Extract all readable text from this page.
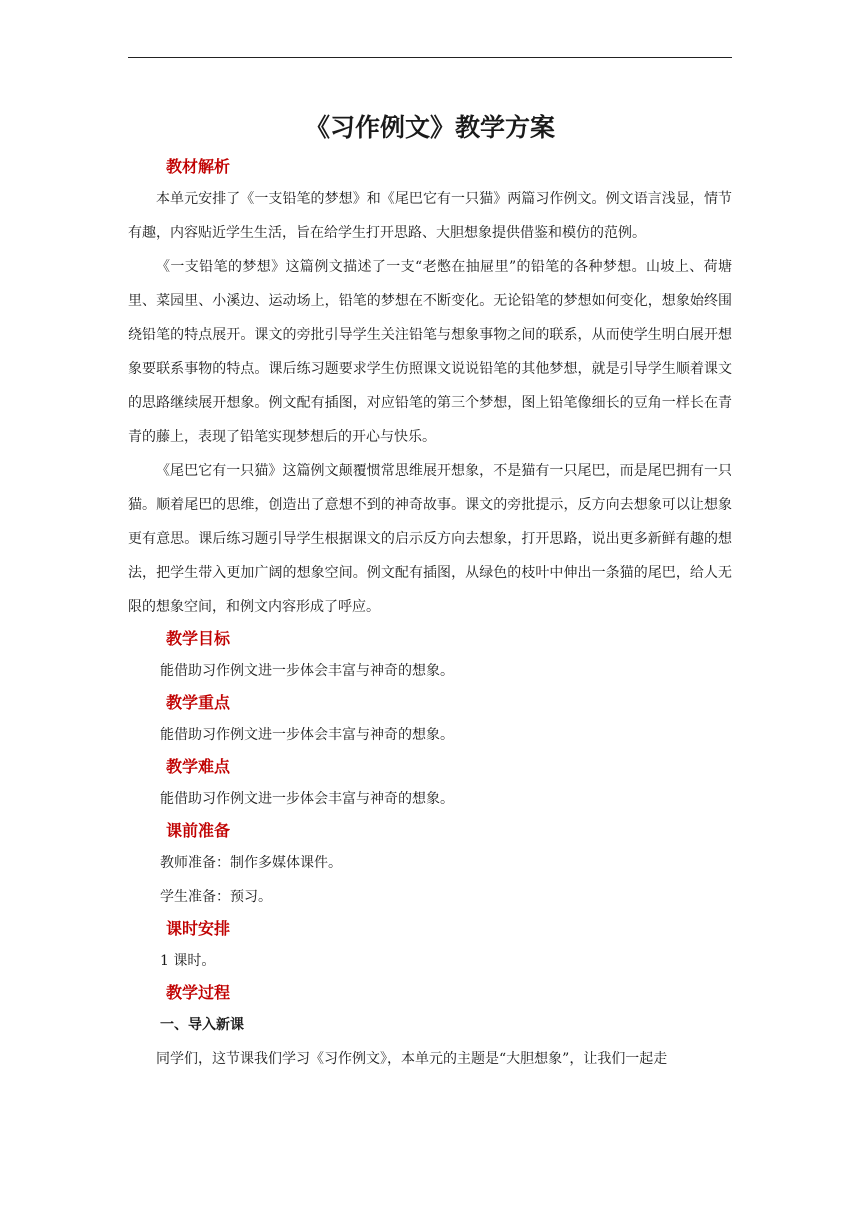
《习作例文》教学方案
教材解析

本单元安排了《一支铅笔的梦想》和《尾巴它有一只猫》两篇习作例文。例文语言浅显，情节有趣，内容贴近学生生活，旨在给学生打开思路、大胆想象提供借鉴和模仿的范例。

《一支铅笔的梦想》这篇例文描述了一支“老憋在抽屉里”的铅笔的各种梦想。山坡上、荷塘里、菜园里、小溪边、运动场上，铅笔的梦想在不断变化。无论铅笔的梦想如何变化，想象始终围绕铅笔的特点展开。课文的旁批引导学生关注铅笔与想象事物之间的联系，从而使学生明白展开想象要联系事物的特点。课后练习题要求学生仿照课文说说铅笔的其他梦想，就是引导学生顺着课文的思路继续展开想象。例文配有插图，对应铅笔的第三个梦想，图上铅笔像细长的豆角一样长在青青的藤上，表现了铅笔实现梦想后的开心与快乐。

《尾巴它有一只猫》这篇例文颠覆惯常思维展开想象，不是猫有一只尾巴，而是尾巴拥有一只猫。顺着尾巴的思维，创造出了意想不到的神奇故事。课文的旁批提示，反方向去想象可以让想象更有意思。课后练习题引导学生根据课文的启示反方向去想象，打开思路，说出更多新鲜有趣的想法，把学生带入更加广阔的想象空间。例文配有插图，从绿色的枝叶中伸出一条猫的尾巴，给人无限的想象空间，和例文内容形成了呼应。

教学目标

能借助习作例文进一步体会丰富与神奇的想象。

教学重点

能借助习作例文进一步体会丰富与神奇的想象。

教学难点

能借助习作例文进一步体会丰富与神奇的想象。

课前准备

教师准备：制作多媒体课件。

学生准备：预习。

课时安排

1 课时。

教学过程
一、导入新课

同学们，这节课我们学习《习作例文》，本单元的主题是“大胆想象”，让我们一起走
